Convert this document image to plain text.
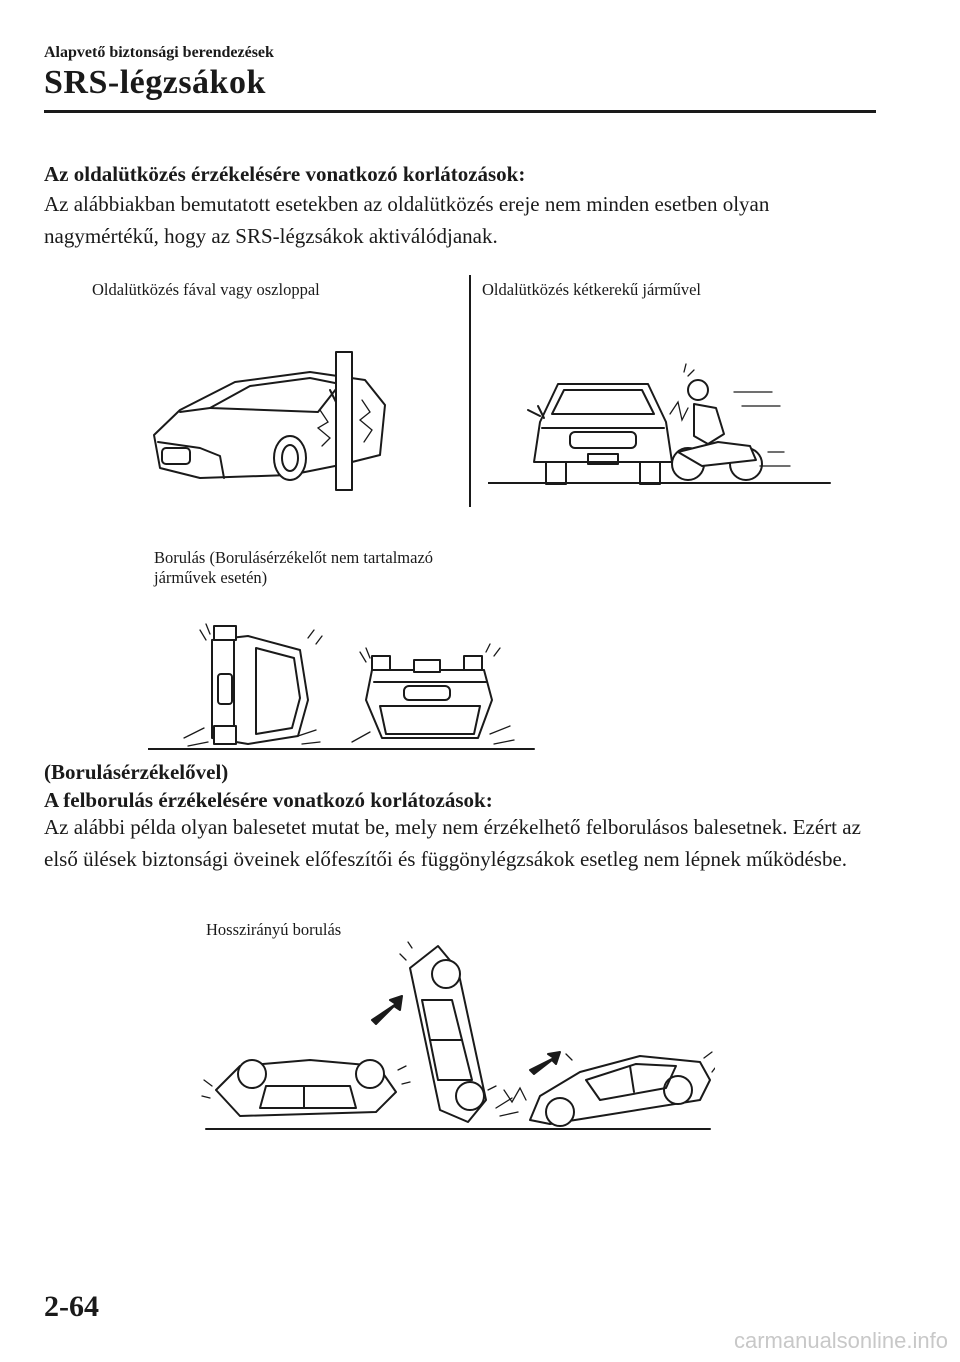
Alapvető biztonsági berendezések
SRS-légzsákok
Az oldalütközés érzékelésére vonatkozó korlátozások:
Az alábbiakban bemutatott esetekben az oldalütközés ereje nem minden esetben olyan nagymértékű, hogy az SRS-légzsákok aktiválódjanak.
Oldalütközés fával vagy oszloppal	Oldalütközés kétkerekű járművel
Borulás (Borulásérzékelőt nem tartalmazó
járművek esetén)
(Borulásérzékelővel)
A felborulás érzékelésére vonatkozó korlátozások:
Az alábbi példa olyan balesetet mutat be, mely nem érzékelhető felborulásos balesetnek. Ezért az első ülések biztonsági öveinek előfeszítői és függönylégzsákok esetleg nem lépnek működésbe.
Hosszirányú borulás
2-64
carmanualsonline.info
